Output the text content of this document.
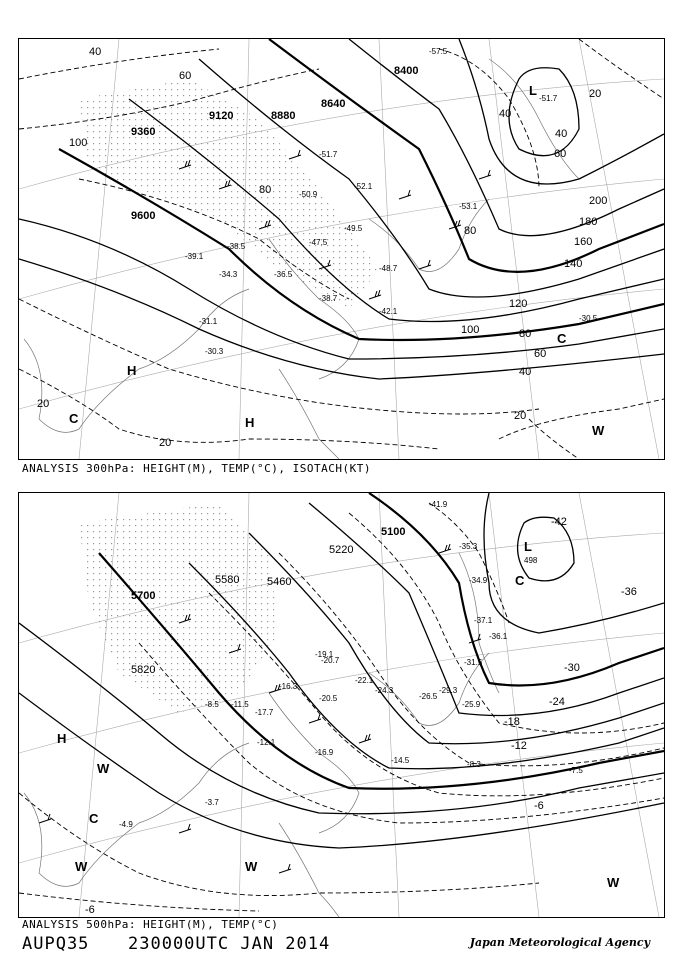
8400
8640
8880
9120
9360
9600
40
60
80
100
120
140
160
180
200
20
40
60
80
100
40
60
80
40
20
20
20
-51.7
-52.1
-49.5
-50.9
-48.7
-47.5
-36.5
-38.7
-42.1
-34.3
-38.5
-39.1
-30.5
-31.1
-30.3
-57.5
-53.1
-51.7
L
H
H
C
C
W
ANALYSIS 300hPa: HEIGHT(M), TEMP(°C), ISOTACH(KT)
5100
5220
5460
5580
5700
5820
498
-42
-36
-30
-24
-18
-12
-6
-6
-41.9
-35.3
-34.9
-37.1
-36.1
-31.5
-29.3
-26.5
-25.9
-24.3
-22.1
-20.5
-20.7
-19.1
-16.3
-17.7
-11.5
-8.5
-12.1
-16.9
-14.5	-8.3
-7.5
-3.7
-4.9
L
C
H
W
C
W	W
W
ANALYSIS 500hPa: HEIGHT(M), TEMP(°C)
AUPQ35 230000UTC JAN 2014	Japan Meteorological Agency
